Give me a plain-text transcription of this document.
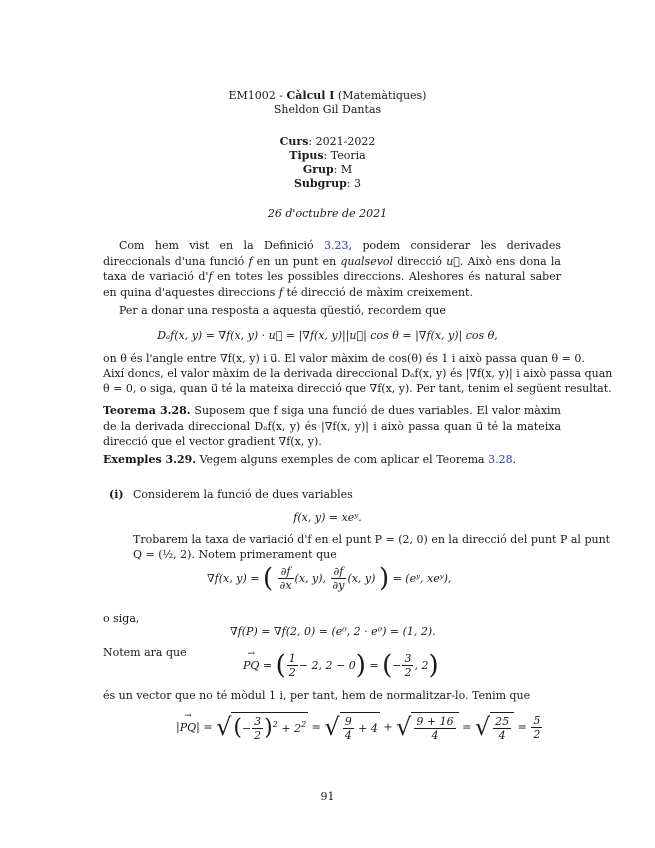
EM1002 - Càlcul I (Matemàtiques)
Sheldon Gil Dantas
Curs: 2021-2022
Tipus: Teoria
Grup: M
Subgrup: 3
26 d'octubre de 2021
Com hem vist en la Definició 3.23, podem considerar les derivades direccionals d'una funció f en un punt en qualsevol direcció u⃗. Això ens dona la taxa de variació d'f en totes les possibles direccions. Aleshores és natural saber en quina d'aquestes direccions f té direcció de màxim creixement.
Per a donar una resposta a aquesta qüestió, recordem que
Dₐf(x, y) = ∇f(x, y) · u⃗ = |∇f(x, y)||u⃗| cos θ = |∇f(x, y)| cos θ,
on θ és l'angle entre ∇f(x, y) i u⃗. El valor màxim de cos(θ) és 1 i això passa quan θ = 0.
Així doncs, el valor màxim de la derivada direccional Dₐf(x, y) és |∇f(x, y)| i això passa quan
θ = 0, o siga, quan u⃗ té la mateixa direcció que ∇f(x, y). Per tant, tenim el següent resultat.
Teorema 3.28. Suposem que f siga una funció de dues variables. El valor màxim de la derivada direccional Dₐf(x, y) és |∇f(x, y)| i això passa quan u⃗ té la mateixa direcció que el vector gradient ∇f(x, y).
Exemples 3.29. Vegem alguns exemples de com aplicar el Teorema 3.28.
(i) Considerem la funció de dues variables
f(x, y) = xeʸ.
Trobarem la taxa de variació d'f en el punt P = (2, 0) en la direcció del punt P al punt
Q = (½, 2). Notem primerament que
∇f(x, y) = ( $\frac{\partial f}{\partial x} (x$, y), $\frac{\partial f}{\partial y} (x$, y) ) = (eʸ, xeʸ),
o siga,
∇f(P) = ∇f(2, 0) = (e⁰, 2 · e⁰) = (1, 2).
Notem ara que
→ PQ = ( $\frac{1}{2} - 2$, 2 − 0) = (− $\frac{3}{2}$ , 2)
és un vector que no té mòdul 1 i, per tant, hem de normalitzar-lo. Tenim que
|→ PQ| = √(− $\frac{3}{2} )^2 + 2^2$ = √ $\frac{9}{4} + 4$ + √ $\frac{9 + 16}{4}$ = √ $\frac{25}{4} = \frac{5}{2}$
91
